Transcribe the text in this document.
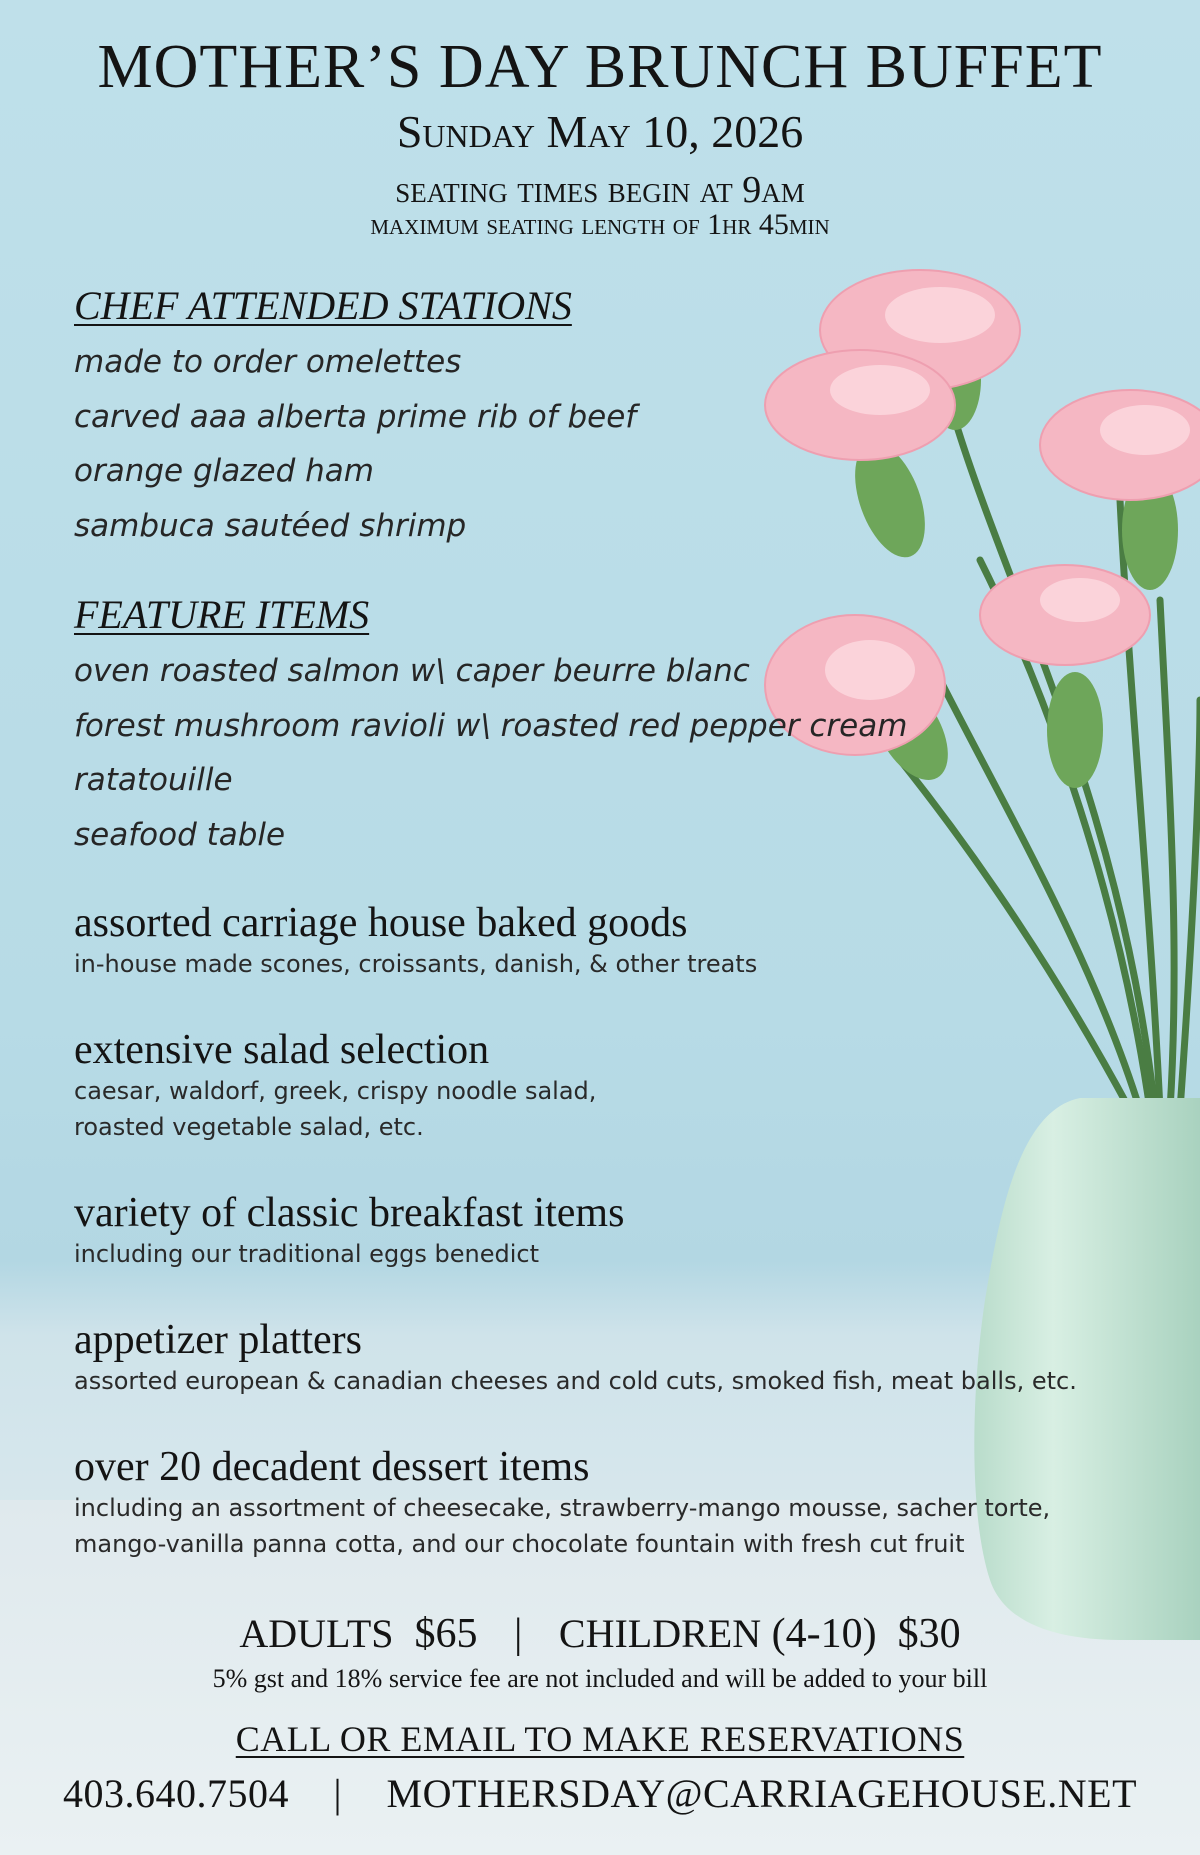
MOTHER’S DAY BRUNCH BUFFET
Sunday May 10, 2026
seating times begin at 9am
maximum seating length of 1hr 45min
CHEF ATTENDED STATIONS
made to order omelettes
carved aaa alberta prime rib of beef
orange glazed ham
sambuca sautéed shrimp
FEATURE ITEMS
oven roasted salmon w\ caper beurre blanc
forest mushroom ravioli w\ roasted red pepper cream
ratatouille
seafood table
assorted carriage house baked goods

in-house made scones, croissants, danish, & other treats

extensive salad selection

caesar, waldorf, greek, crispy noodle salad,

roasted vegetable salad, etc.

variety of classic breakfast items

including our traditional eggs benedict

appetizer platters

assorted european & canadian cheeses and cold cuts, smoked fish, meat balls, etc.

over 20 decadent dessert items

including an assortment of cheesecake, strawberry-mango mousse, sacher torte,

mango-vanilla panna cotta, and our chocolate fountain with fresh cut fruit

ADULTS $65 | CHILDREN (4-10) $30
5% gst and 18% service fee are not included and will be added to your bill
CALL OR EMAIL TO MAKE RESERVATIONS
403.640.7504 | MOTHERSDAY@CARRIAGEHOUSE.NET
